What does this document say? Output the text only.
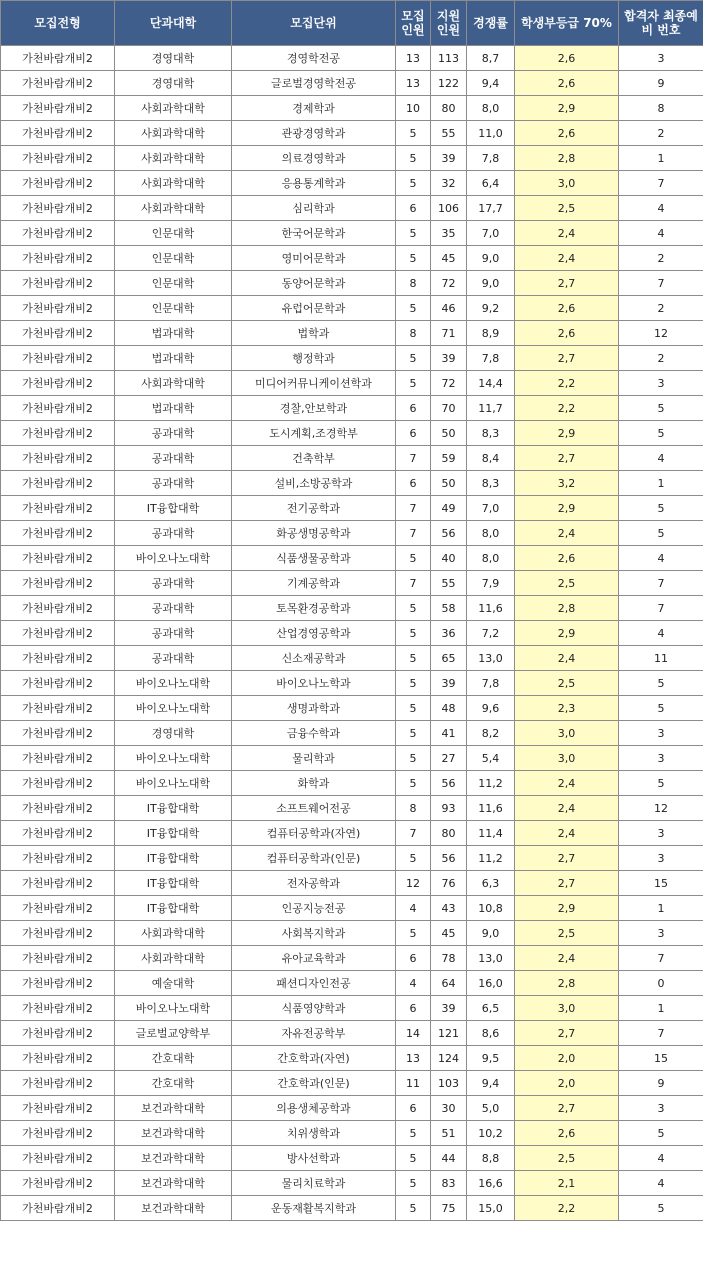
모집전형	단과대학	모집단위	모집 인원	지원 인원	경쟁률	학생부등급 70%	합격자 최종예비 번호
가천바람개비2	경영대학	경영학전공	13	113	8,7	2,6	3
가천바람개비2	경영대학	글로벌경영학전공	13	122	9,4	2,6	9
가천바람개비2	사회과학대학	경제학과	10	80	8,0	2,9	8
가천바람개비2	사회과학대학	관광경영학과	5	55	11,0	2,6	2
가천바람개비2	사회과학대학	의료경영학과	5	39	7,8	2,8	1
가천바람개비2	사회과학대학	응용통계학과	5	32	6,4	3,0	7
가천바람개비2	사회과학대학	심리학과	6	106	17,7	2,5	4
가천바람개비2	인문대학	한국어문학과	5	35	7,0	2,4	4
가천바람개비2	인문대학	영미어문학과	5	45	9,0	2,4	2
가천바람개비2	인문대학	동양어문학과	8	72	9,0	2,7	7
가천바람개비2	인문대학	유럽어문학과	5	46	9,2	2,6	2
가천바람개비2	법과대학	법학과	8	71	8,9	2,6	12
가천바람개비2	법과대학	행정학과	5	39	7,8	2,7	2
가천바람개비2	사회과학대학	미디어커뮤니케이션학과	5	72	14,4	2,2	3
가천바람개비2	법과대학	경찰,안보학과	6	70	11,7	2,2	5
가천바람개비2	공과대학	도시계획,조경학부	6	50	8,3	2,9	5
가천바람개비2	공과대학	건축학부	7	59	8,4	2,7	4
가천바람개비2	공과대학	설비,소방공학과	6	50	8,3	3,2	1
가천바람개비2	IT융합대학	전기공학과	7	49	7,0	2,9	5
가천바람개비2	공과대학	화공생명공학과	7	56	8,0	2,4	5
가천바람개비2	바이오나노대학	식품생물공학과	5	40	8,0	2,6	4
가천바람개비2	공과대학	기계공학과	7	55	7,9	2,5	7
가천바람개비2	공과대학	토목환경공학과	5	58	11,6	2,8	7
가천바람개비2	공과대학	산업경영공학과	5	36	7,2	2,9	4
가천바람개비2	공과대학	신소재공학과	5	65	13,0	2,4	11
가천바람개비2	바이오나노대학	바이오나노학과	5	39	7,8	2,5	5
가천바람개비2	바이오나노대학	생명과학과	5	48	9,6	2,3	5
가천바람개비2	경영대학	금융수학과	5	41	8,2	3,0	3
가천바람개비2	바이오나노대학	물리학과	5	27	5,4	3,0	3
가천바람개비2	바이오나노대학	화학과	5	56	11,2	2,4	5
가천바람개비2	IT융합대학	소프트웨어전공	8	93	11,6	2,4	12
가천바람개비2	IT융합대학	컴퓨터공학과(자연)	7	80	11,4	2,4	3
가천바람개비2	IT융합대학	컴퓨터공학과(인문)	5	56	11,2	2,7	3
가천바람개비2	IT융합대학	전자공학과	12	76	6,3	2,7	15
가천바람개비2	IT융합대학	인공지능전공	4	43	10,8	2,9	1
가천바람개비2	사회과학대학	사회복지학과	5	45	9,0	2,5	3
가천바람개비2	사회과학대학	유아교육학과	6	78	13,0	2,4	7
가천바람개비2	예술대학	패션디자인전공	4	64	16,0	2,8	0
가천바람개비2	바이오나노대학	식품영양학과	6	39	6,5	3,0	1
가천바람개비2	글로벌교양학부	자유전공학부	14	121	8,6	2,7	7
가천바람개비2	간호대학	간호학과(자연)	13	124	9,5	2,0	15
가천바람개비2	간호대학	간호학과(인문)	11	103	9,4	2,0	9
가천바람개비2	보건과학대학	의용생체공학과	6	30	5,0	2,7	3
가천바람개비2	보건과학대학	치위생학과	5	51	10,2	2,6	5
가천바람개비2	보건과학대학	방사선학과	5	44	8,8	2,5	4
가천바람개비2	보건과학대학	물리치료학과	5	83	16,6	2,1	4
가천바람개비2	보건과학대학	운동재활복지학과	5	75	15,0	2,2	5
